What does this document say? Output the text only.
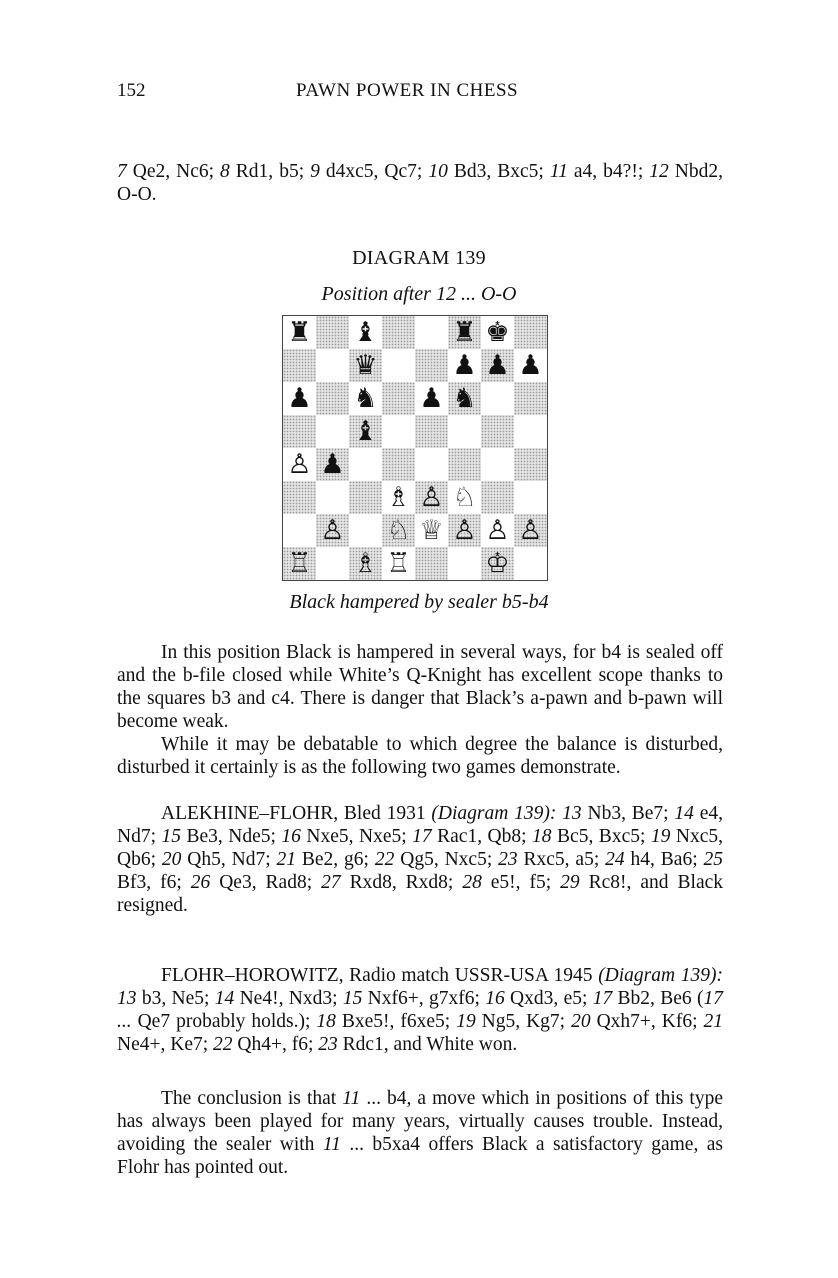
152	PAWN POWER IN CHESS

7 Qe2, Nc6; 8 Rd1, b5; 9 d4xc5, Qc7; 10 Bd3, Bxc5; 11 a4, b4?!; 12 Nbd2, O-O.

DIAGRAM 139
Position after 12 ... O-O
♜ ♝	♜ ♚
♛	♟ ♟ ♟
♟ ♞ ♟ ♞
♝
♙ ♟
♗ ♙ ♘
♙ ♘ ♕ ♙ ♙ ♙
♖ ♗ ♖	♔
Black hampered by sealer b5-b4

In this position Black is hampered in several ways, for b4 is sealed off and the b-file closed while White’s Q-Knight has excellent scope thanks to the squares b3 and c4. There is danger that Black’s a-pawn and b-pawn will become weak.

While it may be debatable to which degree the balance is disturbed, disturbed it certainly is as the following two games demonstrate.

ALEKHINE–FLOHR, Bled 1931 (Diagram 139): 13 Nb3, Be7; 14 e4, Nd7; 15 Be3, Nde5; 16 Nxe5, Nxe5; 17 Rac1, Qb8; 18 Bc5, Bxc5; 19 Nxc5, Qb6; 20 Qh5, Nd7; 21 Be2, g6; 22 Qg5, Nxc5; 23 Rxc5, a5; 24 h4, Ba6; 25 Bf3, f6; 26 Qe3, Rad8; 27 Rxd8, Rxd8; 28 e5!, f5; 29 Rc8!, and Black resigned.

FLOHR–HOROWITZ, Radio match USSR-USA 1945 (Diagram 139): 13 b3, Ne5; 14 Ne4!, Nxd3; 15 Nxf6+, g7xf6; 16 Qxd3, e5; 17 Bb2, Be6 (17 ... Qe7 probably holds.); 18 Bxe5!, f6xe5; 19 Ng5, Kg7; 20 Qxh7+, Kf6; 21 Ne4+, Ke7; 22 Qh4+, f6; 23 Rdc1, and White won.

The conclusion is that 11 ... b4, a move which in positions of this type has always been played for many years, virtually causes trouble. Instead, avoiding the sealer with 11 ... b5xa4 offers Black a satisfactory game, as Flohr has pointed out.
